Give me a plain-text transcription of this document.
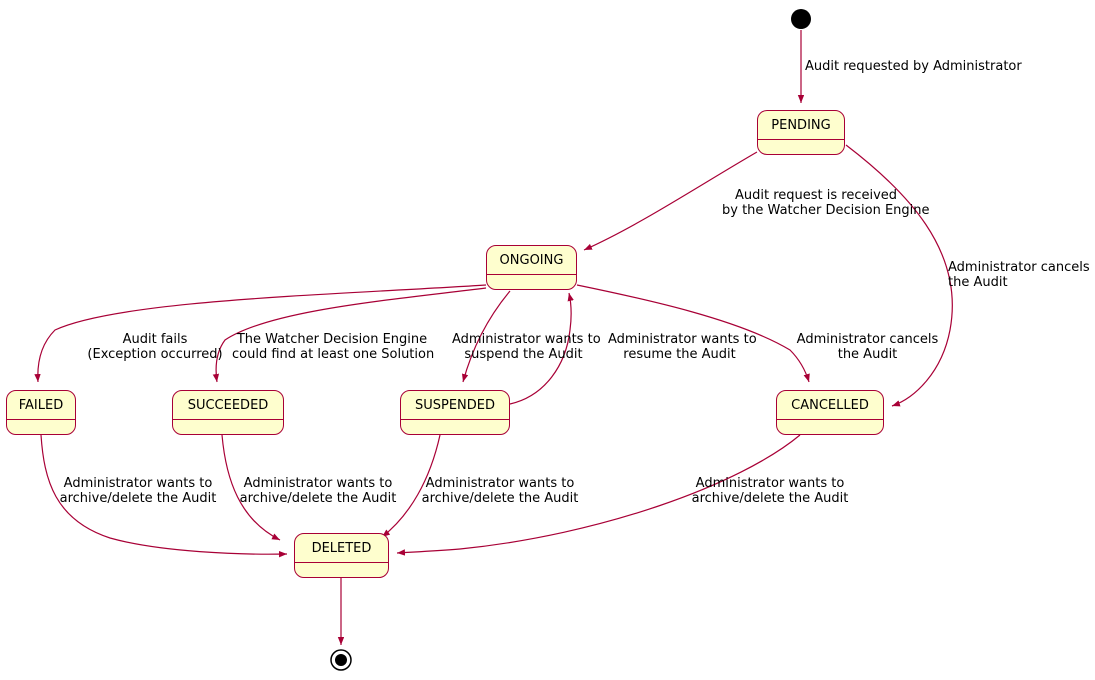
PENDING
ONGOING
FAILED	SUCCEEDED	SUSPENDED	CANCELLED
DELETED
Audit requested by Administrator
Audit request is received
by the Watcher Decision Engine
Administrator cancels
the Audit
Audit fails
(Exception occurred)
The Watcher Decision Engine
could find at least one Solution
Administrator wants to
suspend the Audit
Administrator wants to
resume the Audit
Administrator cancels
the Audit
Administrator wants to
archive/delete the Audit
Administrator wants to
archive/delete the Audit
Administrator wants to
archive/delete the Audit
Administrator wants to
archive/delete the Audit
